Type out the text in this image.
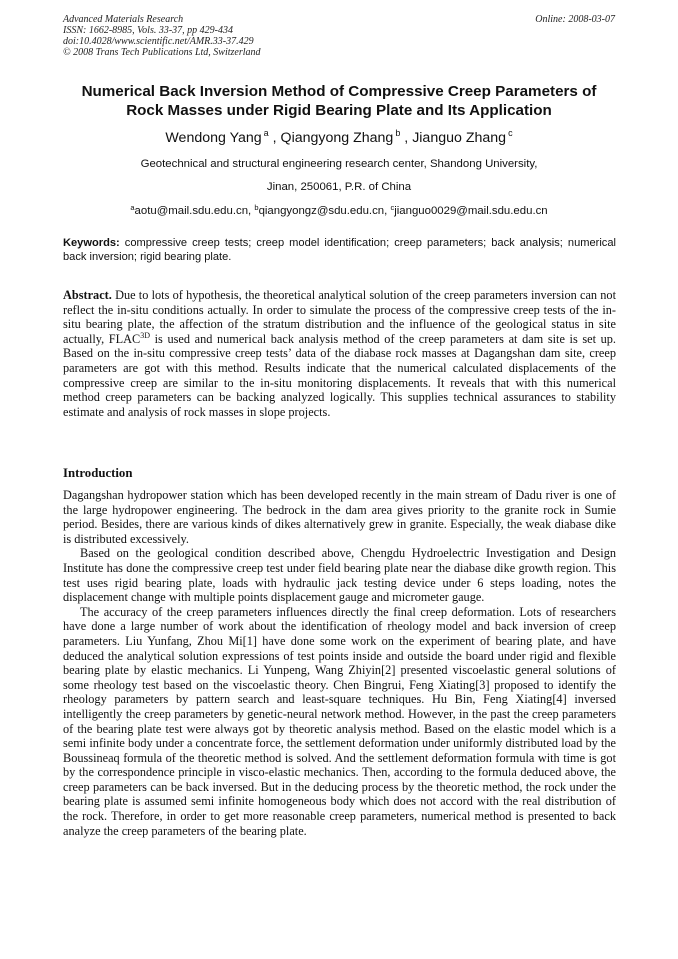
Advanced Materials Research
ISSN: 1662-8985, Vols. 33-37, pp 429-434
doi:10.4028/www.scientific.net/AMR.33-37.429
© 2008 Trans Tech Publications Ltd, Switzerland
Online: 2008-03-07
Numerical Back Inversion Method of Compressive Creep Parameters of
Rock Masses under Rigid Bearing Plate and Its Application
Wendong Yang $^a$ , Qiangyong Zhang $^b$ , Jianguo Zhang $^c$
Geotechnical and structural engineering research center, Shandong University,
Jinan, 250061, P.R. of China
$^a$aotu@mail.sdu.edu.cn, $^b$qiangyongz@sdu.edu.cn, $^c$jianguo0029@mail.sdu.edu.cn
Keywords: compressive creep tests; creep model identification; creep parameters; back analysis; numerical back inversion; rigid bearing plate.

Abstract. Due to lots of hypothesis, the theoretical analytical solution of the creep parameters inversion can not reflect the in-situ conditions actually. In order to simulate the process of the compressive creep tests of the in-situ bearing plate, the affection of the stratum distribution and the influence of the geological status in site actually, $FLAC^{3D}$ is used and numerical back analysis method of the creep parameters at dam site is set up. Based on the in-situ compressive creep tests’ data of the diabase rock masses at Dagangshan dam site, creep parameters are got with this method. Results indicate that the numerical calculated displacements of the compressive creep are similar to the in-situ monitoring displacements. It reveals that with this numerical method creep parameters can be backing analyzed logically. This supplies technical assurances to stability estimate and analysis of rock masses in slope projects.

Introduction

Dagangshan hydropower station which has been developed recently in the main stream of Dadu river is one of the large hydropower engineering. The bedrock in the dam area gives priority to the granite rock in Sumie period. Besides, there are various kinds of dikes alternatively grew in granite. Especially, the weak diabase dike is distributed excessively.

Based on the geological condition described above, Chengdu Hydroelectric Investigation and Design Institute has done the compressive creep test under field bearing plate near the diabase dike growth region. This test uses rigid bearing plate, loads with hydraulic jack testing device under 6 steps loading, notes the displacement change with multiple points displacement gauge and micrometer gauge.

The accuracy of the creep parameters influences directly the final creep deformation. Lots of researchers have done a large number of work about the identification of rheology model and back inversion of creep parameters. Liu Yunfang, Zhou Mi[1] have done some work on the experiment of bearing plate, and have deduced the analytical solution expressions of test points inside and outside the board under rigid and flexible bearing plate by elastic mechanics. Li Yunpeng, Wang Zhiyin[2] presented viscoelastic general solutions of some rheology test based on the viscoelastic theory. Chen Bingrui, Feng Xiating[3] proposed to identify the rheology parameters by pattern search and least-square techniques. Hu Bin, Feng Xiating[4] inversed intelligently the creep parameters by genetic-neural network method. However, in the past the creep parameters of the bearing plate test were always got by theoretic analysis method. Based on the elastic model which is a semi infinite body under a concentrate force, the settlement deformation under uniformly distributed load by the Boussineaq formula of the theoretic method is solved. And the settlement deformation formula with time is got by the correspondence principle in visco-elastic mechanics. Then, according to the formula deduced above, the creep parameters can be back inversed. But in the deducing process by the theoretic method, the rock under the bearing plate is assumed semi infinite homogeneous body which does not accord with the real distribution of the rock. Therefore, in order to get more reasonable creep parameters, numerical method is presented to back analyze the creep parameters of the bearing plate.
